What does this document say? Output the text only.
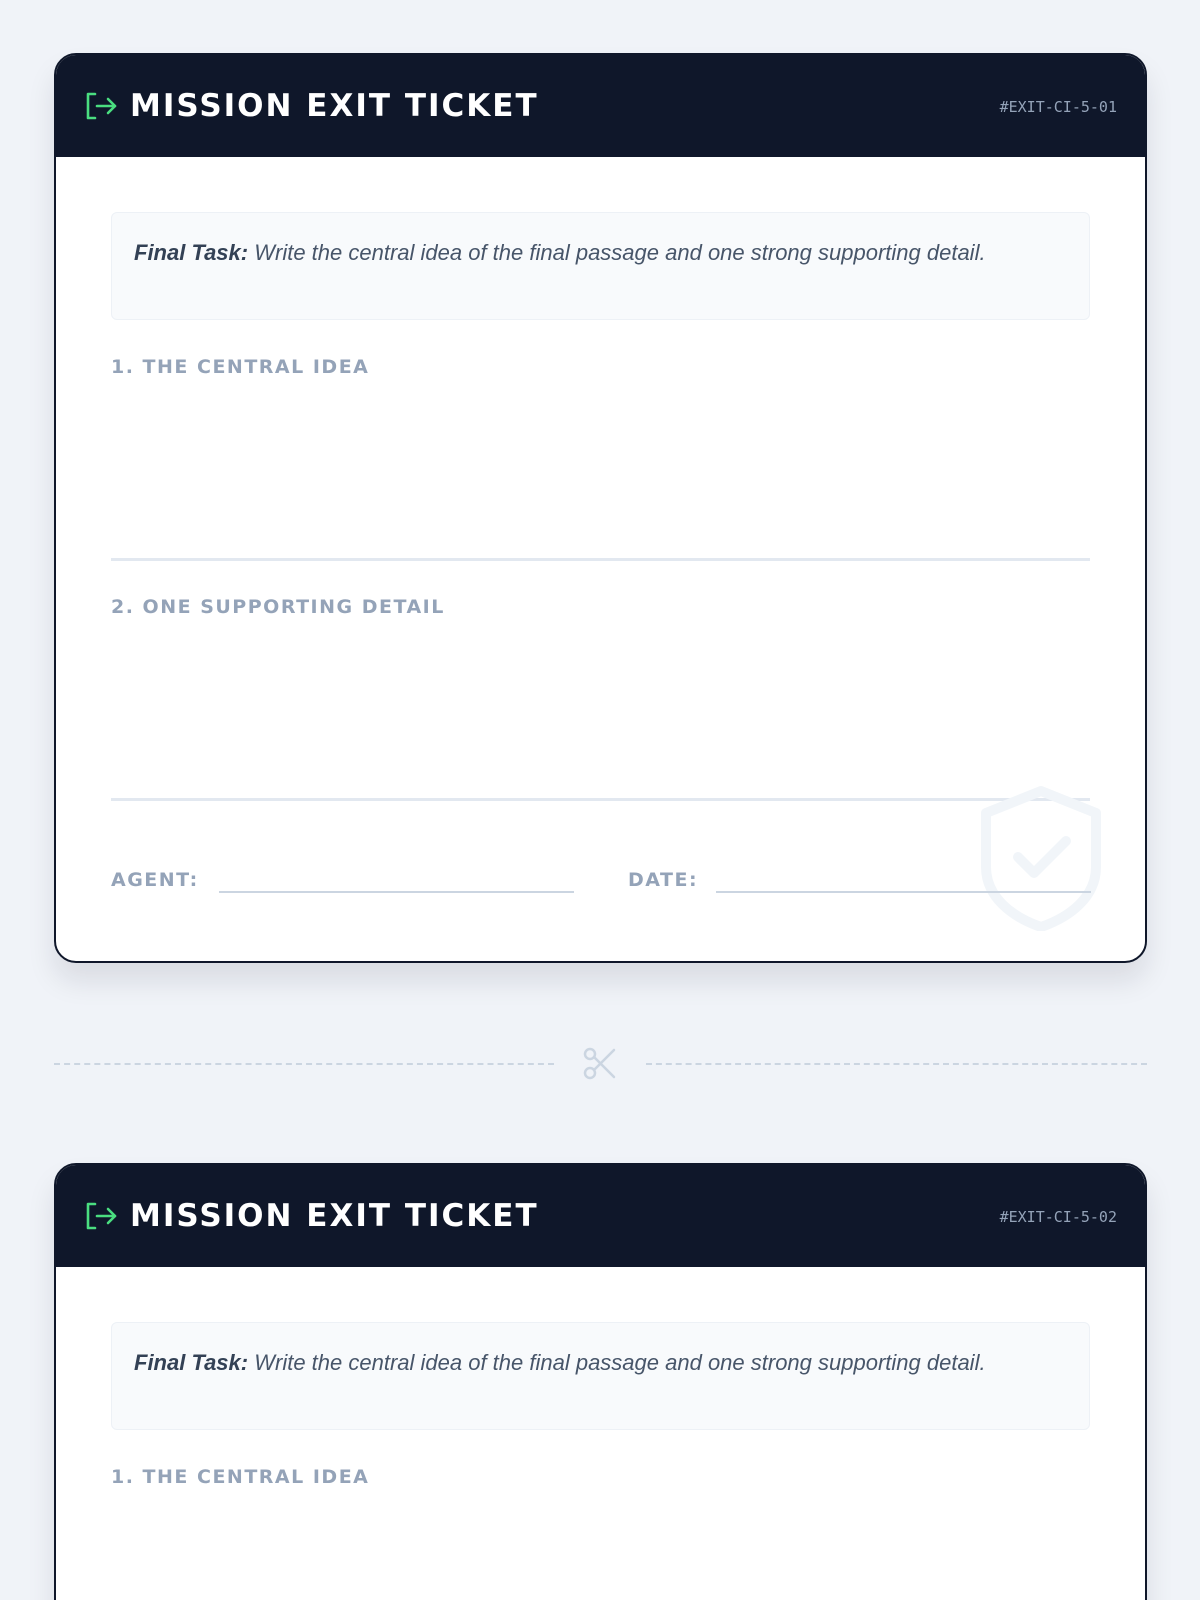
MISSION EXIT TICKET	#EXIT-CI-5-01
Final Task: Write the central idea of the final passage and one strong supporting detail.
1. THE CENTRAL IDEA
2. ONE SUPPORTING DETAIL
AGENT:	DATE:
MISSION EXIT TICKET	#EXIT-CI-5-02
Final Task: Write the central idea of the final passage and one strong supporting detail.
1. THE CENTRAL IDEA
